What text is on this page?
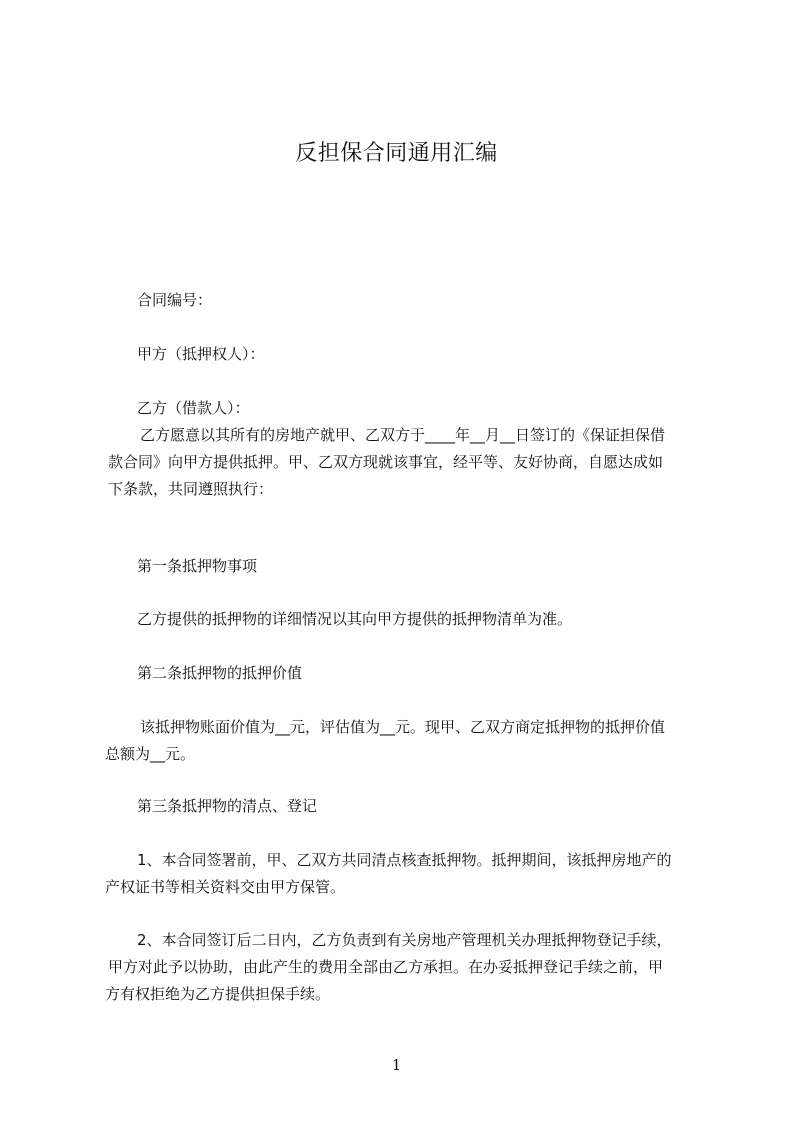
反担保合同通用汇编

合同编号：

甲方（抵押权人）：

乙方（借款人）：

乙方愿意以其所有的房地产就甲、乙双方于____年__月__日签订的《保证担保借
款合同》向甲方提供抵押。甲、乙双方现就该事宜，经平等、友好协商，自愿达成如
下条款，共同遵照执行：

第一条抵押物事项

乙方提供的抵押物的详细情况以其向甲方提供的抵押物清单为准。

第二条抵押物的抵押价值

该抵押物账面价值为__元，评估值为__元。现甲、乙双方商定抵押物的抵押价值
总额为__元。

第三条抵押物的清点、登记

1、本合同签署前，甲、乙双方共同清点核查抵押物。抵押期间，该抵押房地产的
产权证书等相关资料交由甲方保管。

2、本合同签订后二日内，乙方负责到有关房地产管理机关办理抵押物登记手续，
甲方对此予以协助，由此产生的费用全部由乙方承担。在办妥抵押登记手续之前，甲
方有权拒绝为乙方提供担保手续。

1
